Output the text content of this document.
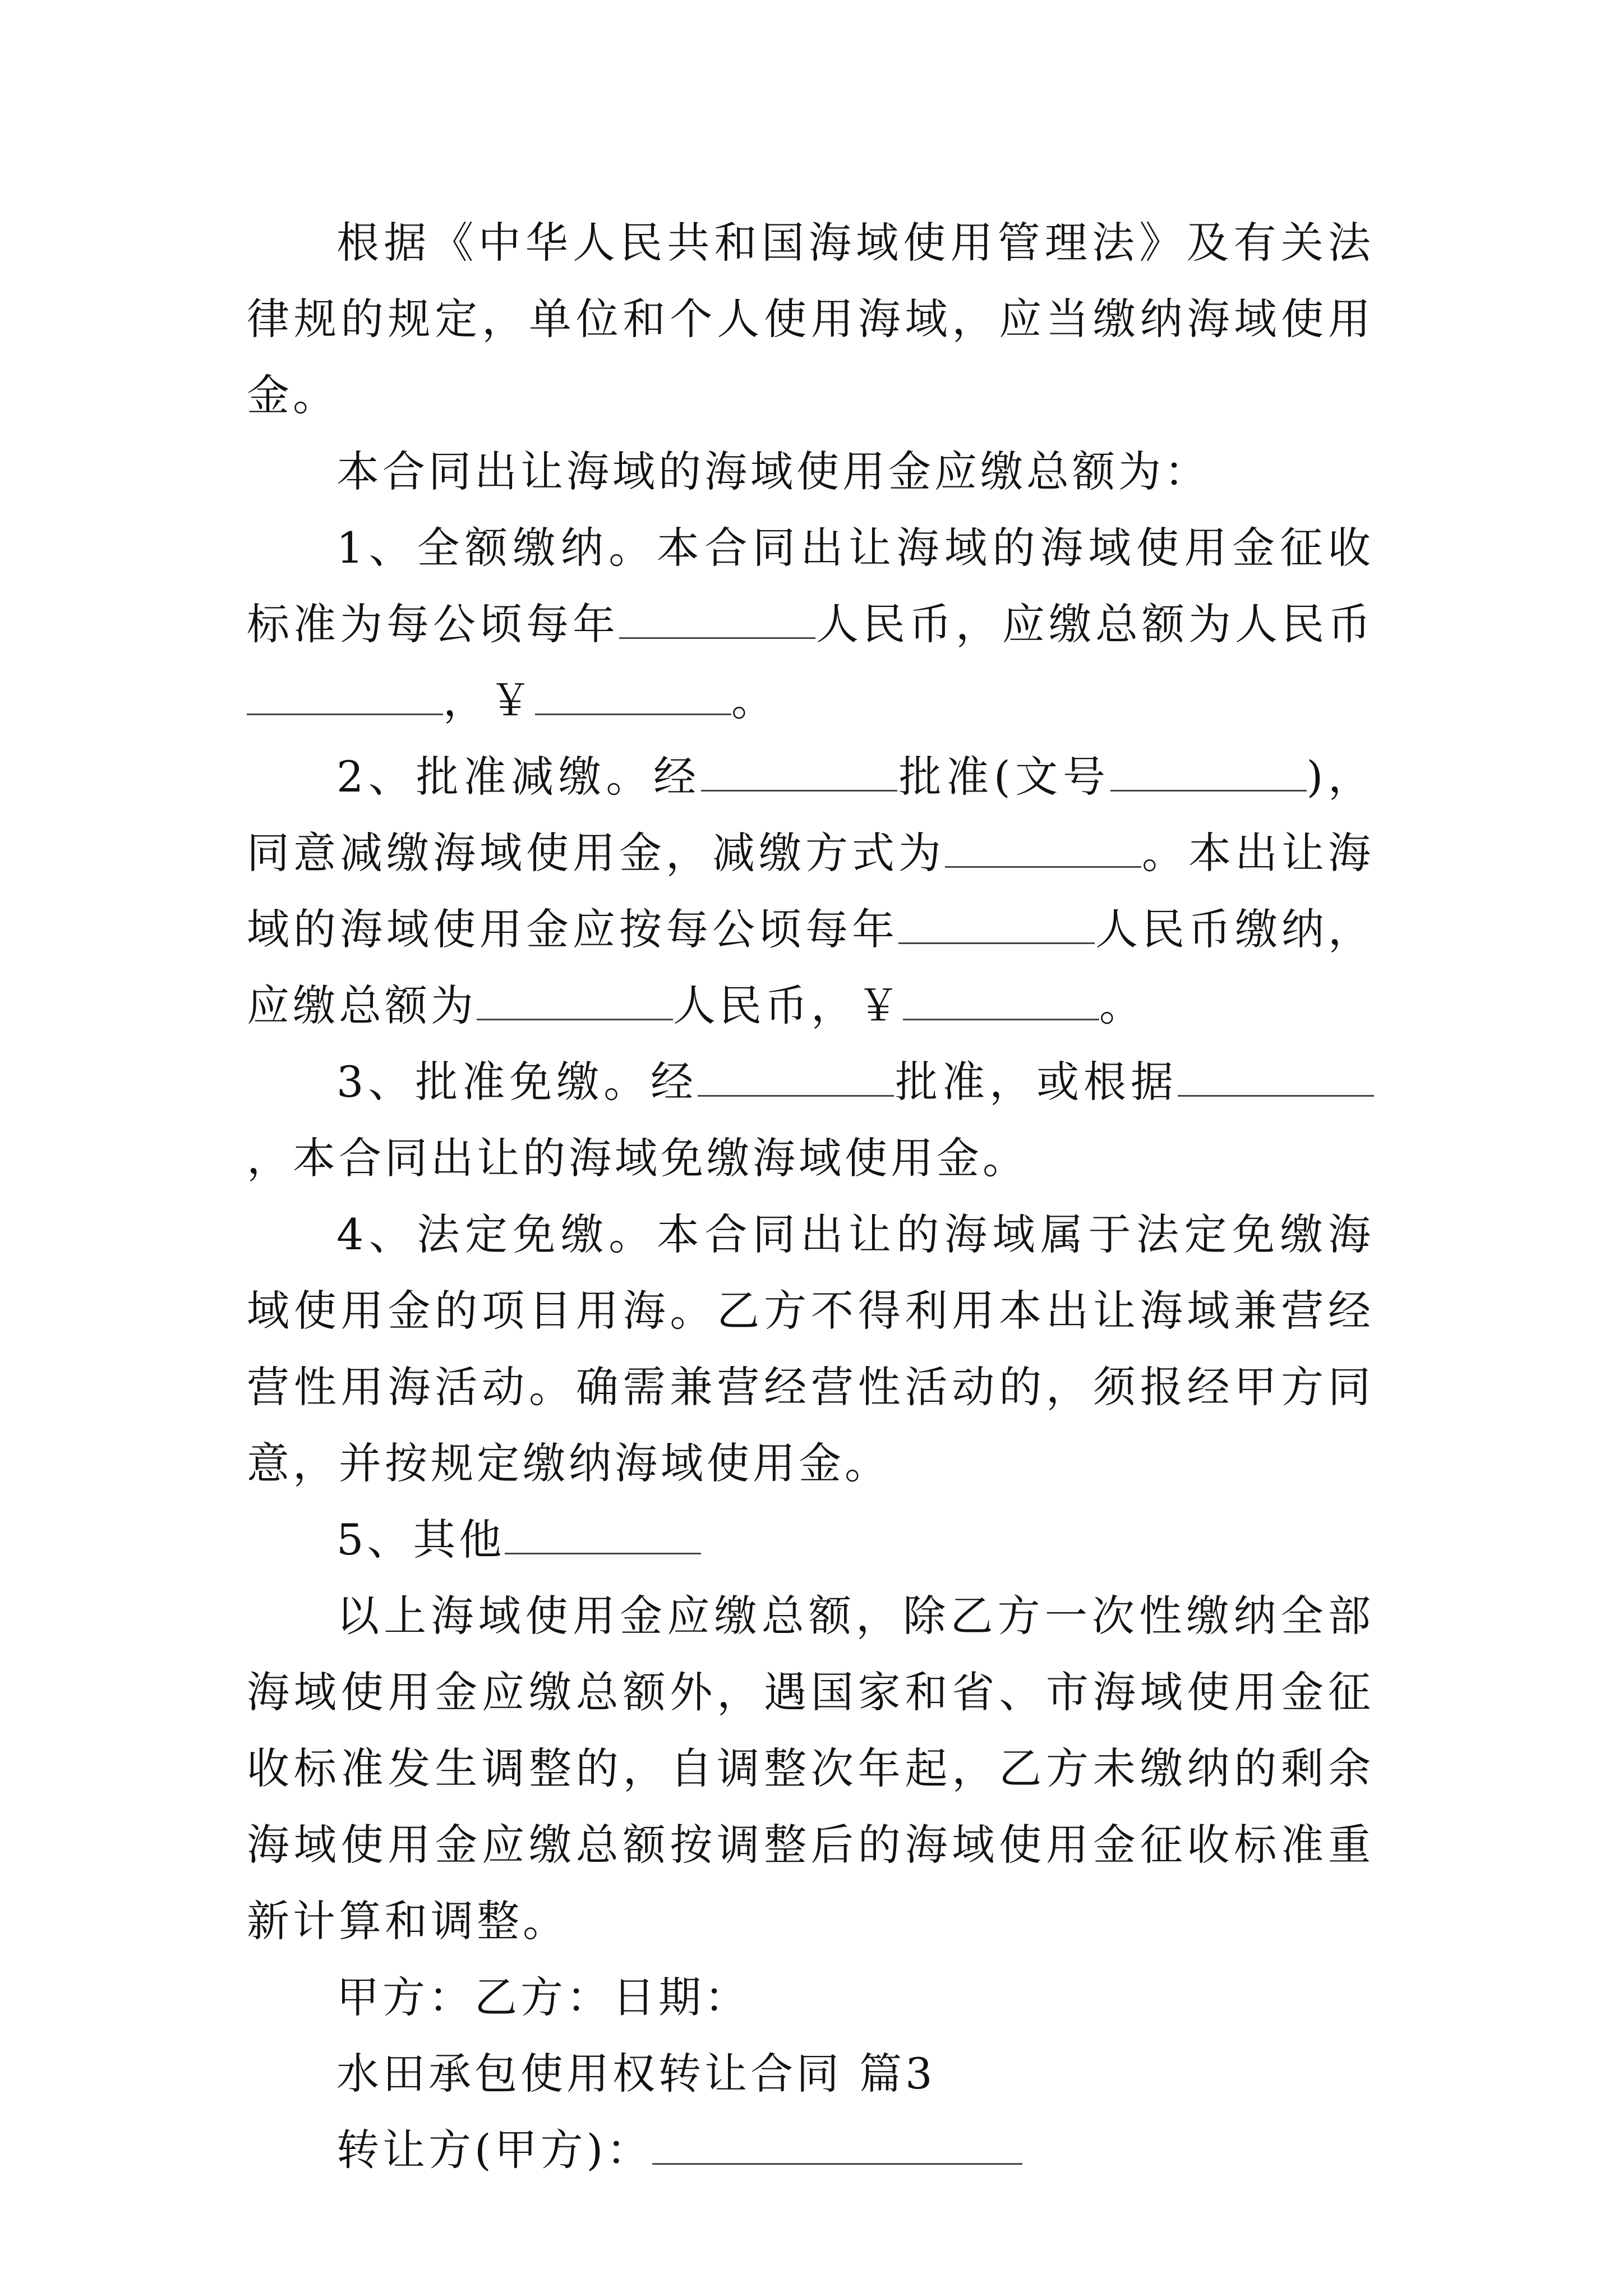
根据《中华人民共和国海域使用管理法》及有关法律规的规定，单位和个人使用海域，应当缴纳海域使用金。

本合同出让海域的海域使用金应缴总额为：

1、全额缴纳。本合同出让海域的海域使用金征收标准为每公顷每年	人民币，应缴总额为人民币，￥	。

2、批准减缴。经	批准(文号	)，同意减缴海域使用金，减缴方式为	。本出让海域的海域使用金应按每公顷每年	人民币缴纳，应缴总额为	人民币，￥	。

3、批准免缴。经	批准，或根据，本合同出让的海域免缴海域使用金。

4、法定免缴。本合同出让的海域属于法定免缴海域使用金的项目用海。乙方不得利用本出让海域兼营经营性用海活动。确需兼营经营性活动的，须报经甲方同意，并按规定缴纳海域使用金。

5、其他

以上海域使用金应缴总额，除乙方一次性缴纳全部海域使用金应缴总额外，遇国家和省、市海域使用金征收标准发生调整的，自调整次年起，乙方未缴纳的剩余海域使用金应缴总额按调整后的海域使用金征收标准重新计算和调整。

甲方：乙方：日期：

水田承包使用权转让合同 篇3

转让方(甲方)：
